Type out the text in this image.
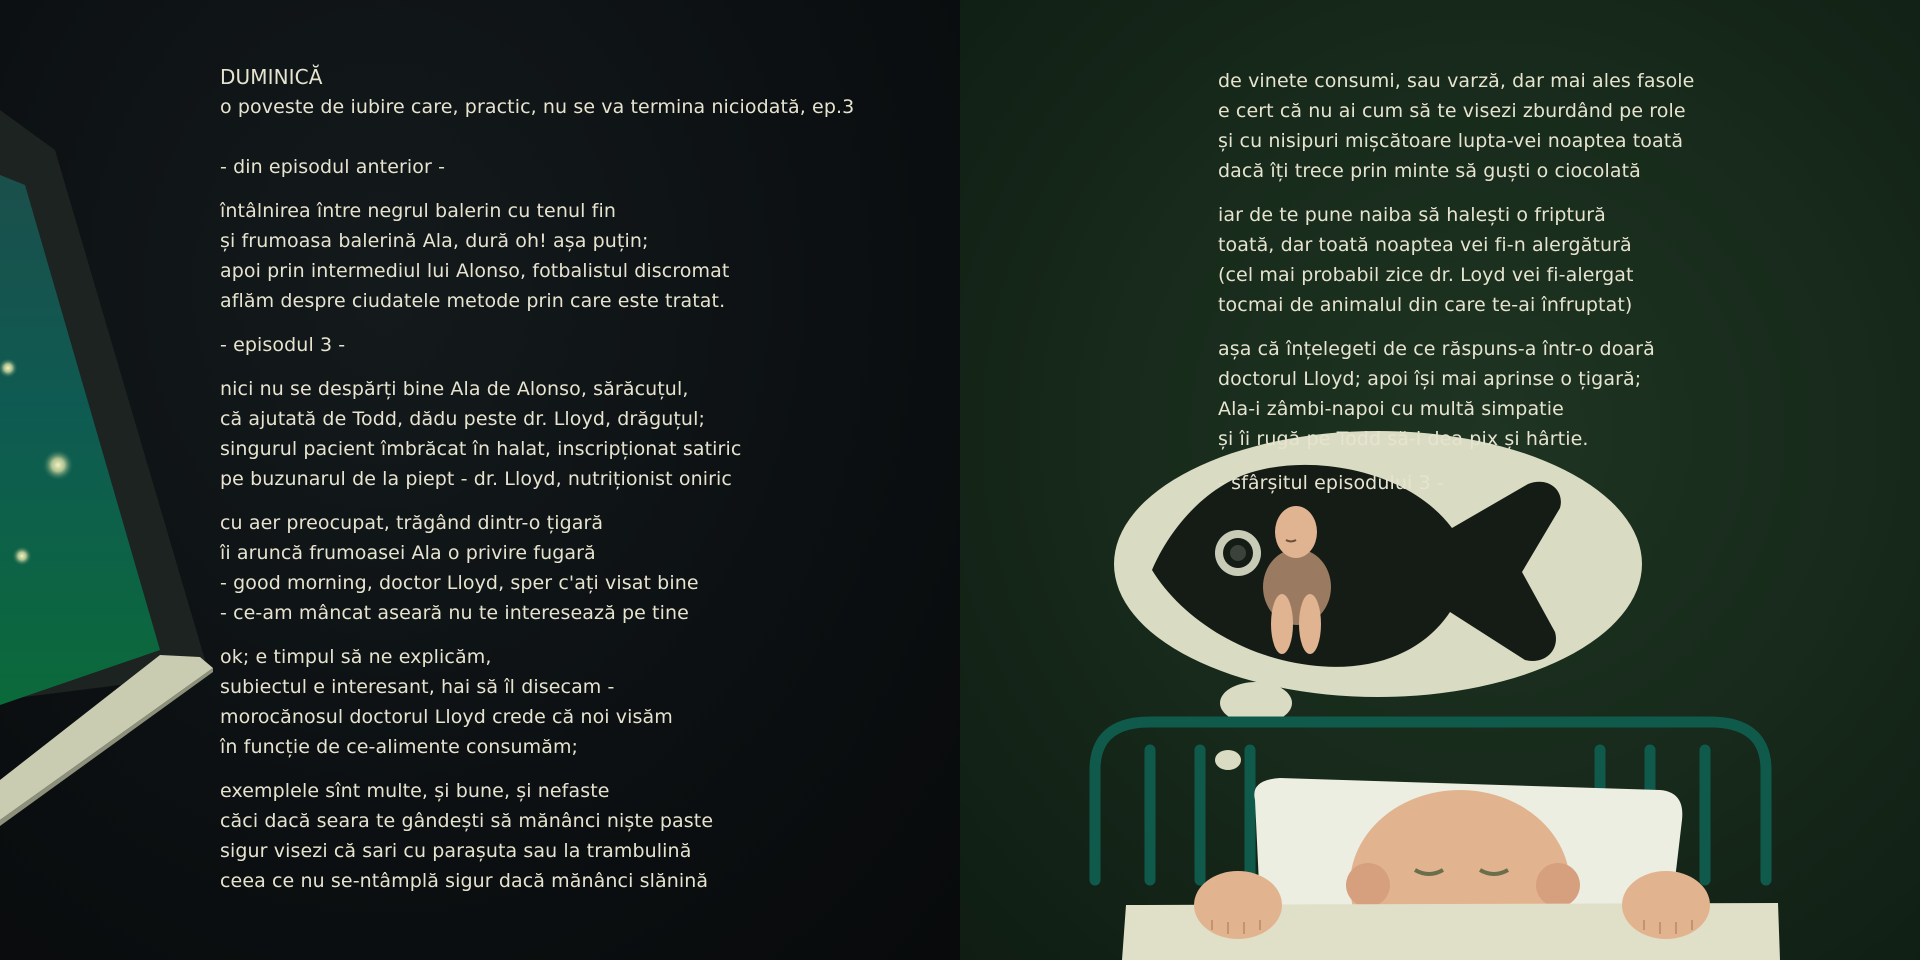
DUMINICĂ
o poveste de iubire care, practic, nu se va termina niciodată, ep.3
- din episodul anterior -
întâlnirea între negrul balerin cu tenul fin
și frumoasa balerină Ala, dură oh! așa puțin;
apoi prin intermediul lui Alonso, fotbalistul discromat
aflăm despre ciudatele metode prin care este tratat.
- episodul 3 -
nici nu se despărți bine Ala de Alonso, sărăcuțul,
că ajutată de Todd, dădu peste dr. Lloyd, drăguțul;
singurul pacient îmbrăcat în halat, inscripționat satiric
pe buzunarul de la piept - dr. Lloyd, nutriționist oniric
cu aer preocupat, trăgând dintr-o țigară
îi aruncă frumoasei Ala o privire fugară
- good morning, doctor Lloyd, sper c'ați visat bine
- ce-am mâncat aseară nu te interesează pe tine
ok; e timpul să ne explicăm,
subiectul e interesant, hai să îl disecam -
morocănosul doctorul Lloyd crede că noi visăm
în funcție de ce-alimente consumăm;
exemplele sînt multe, și bune, și nefaste
căci dacă seara te gândești să mănânci niște paste
sigur visezi că sari cu parașuta sau la trambulină
ceea ce nu se-ntâmplă sigur dacă mănânci slănină
de vinete consumi, sau varză, dar mai ales fasole
e cert că nu ai cum să te visezi zburdând pe role
și cu nisipuri mișcătoare lupta-vei noaptea toată
dacă îți trece prin minte să guști o ciocolată
iar de te pune naiba să halești o friptură
toată, dar toată noaptea vei fi-n alergătură
(cel mai probabil zice dr. Loyd vei fi-alergat
tocmai de animalul din care te-ai înfruptat)
așa că înțelegeti de ce răspuns-a într-o doară
doctorul Lloyd; apoi își mai aprinse o țigară;
Ala-i zâmbi-napoi cu multă simpatie
și îi rugă pe Todd să-i dea pix și hârtie.
- sfârșitul episodului 3 -
